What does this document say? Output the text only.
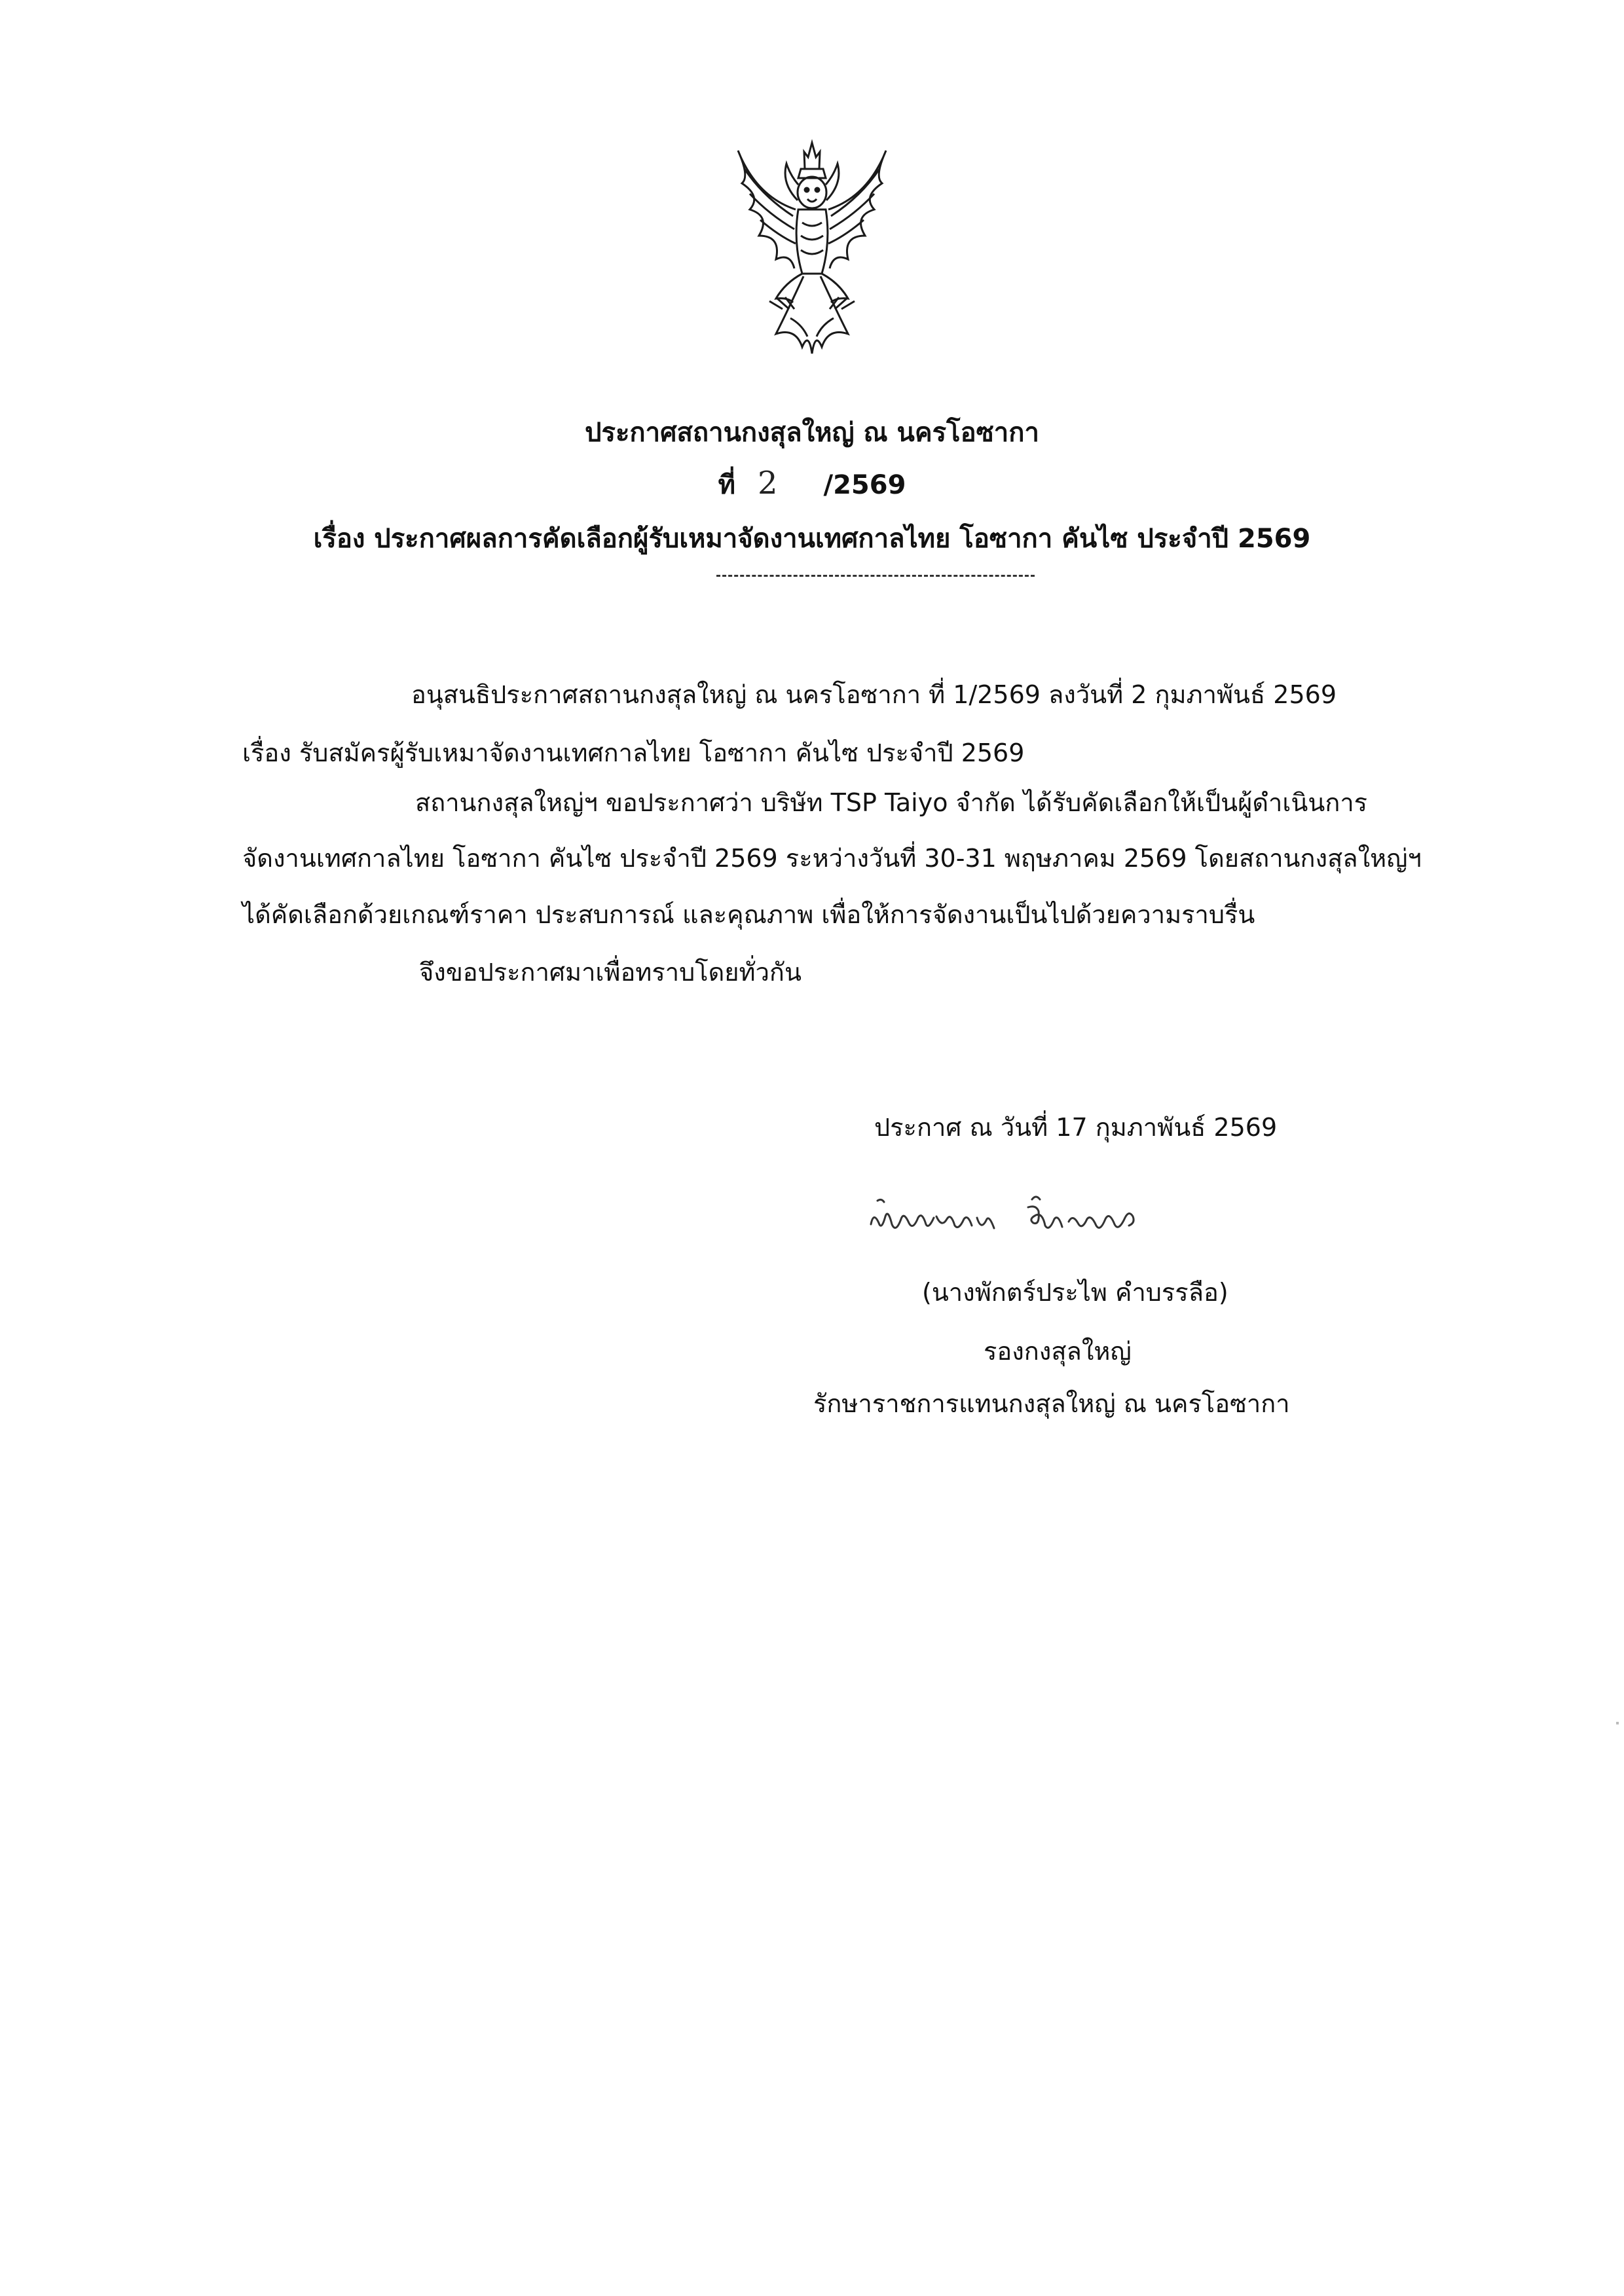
ประกาศสถานกงสุลใหญ่ ณ นครโอซากา
ที่ 2 /2569
เรื่อง ประกาศผลการคัดเลือกผู้รับเหมาจัดงานเทศกาลไทย โอซากา คันไซ ประจำปี 2569
อนุสนธิประกาศสถานกงสุลใหญ่ ณ นครโอซากา ที่ 1/2569 ลงวันที่ 2 กุมภาพันธ์ 2569
เรื่อง รับสมัครผู้รับเหมาจัดงานเทศกาลไทย โอซากา คันไซ ประจำปี 2569
สถานกงสุลใหญ่ฯ ขอประกาศว่า บริษัท TSP Taiyo จำกัด ได้รับคัดเลือกให้เป็นผู้ดำเนินการ
จัดงานเทศกาลไทย โอซากา คันไซ ประจำปี 2569 ระหว่างวันที่ 30-31 พฤษภาคม 2569 โดยสถานกงสุลใหญ่ฯ
ได้คัดเลือกด้วยเกณฑ์ราคา ประสบการณ์ และคุณภาพ เพื่อให้การจัดงานเป็นไปด้วยความราบรื่น
จึงขอประกาศมาเพื่อทราบโดยทั่วกัน
ประกาศ ณ วันที่ 17 กุมภาพันธ์ 2569
(นางพักตร์ประไพ คำบรรลือ)
รองกงสุลใหญ่
รักษาราชการแทนกงสุลใหญ่ ณ นครโอซากา
